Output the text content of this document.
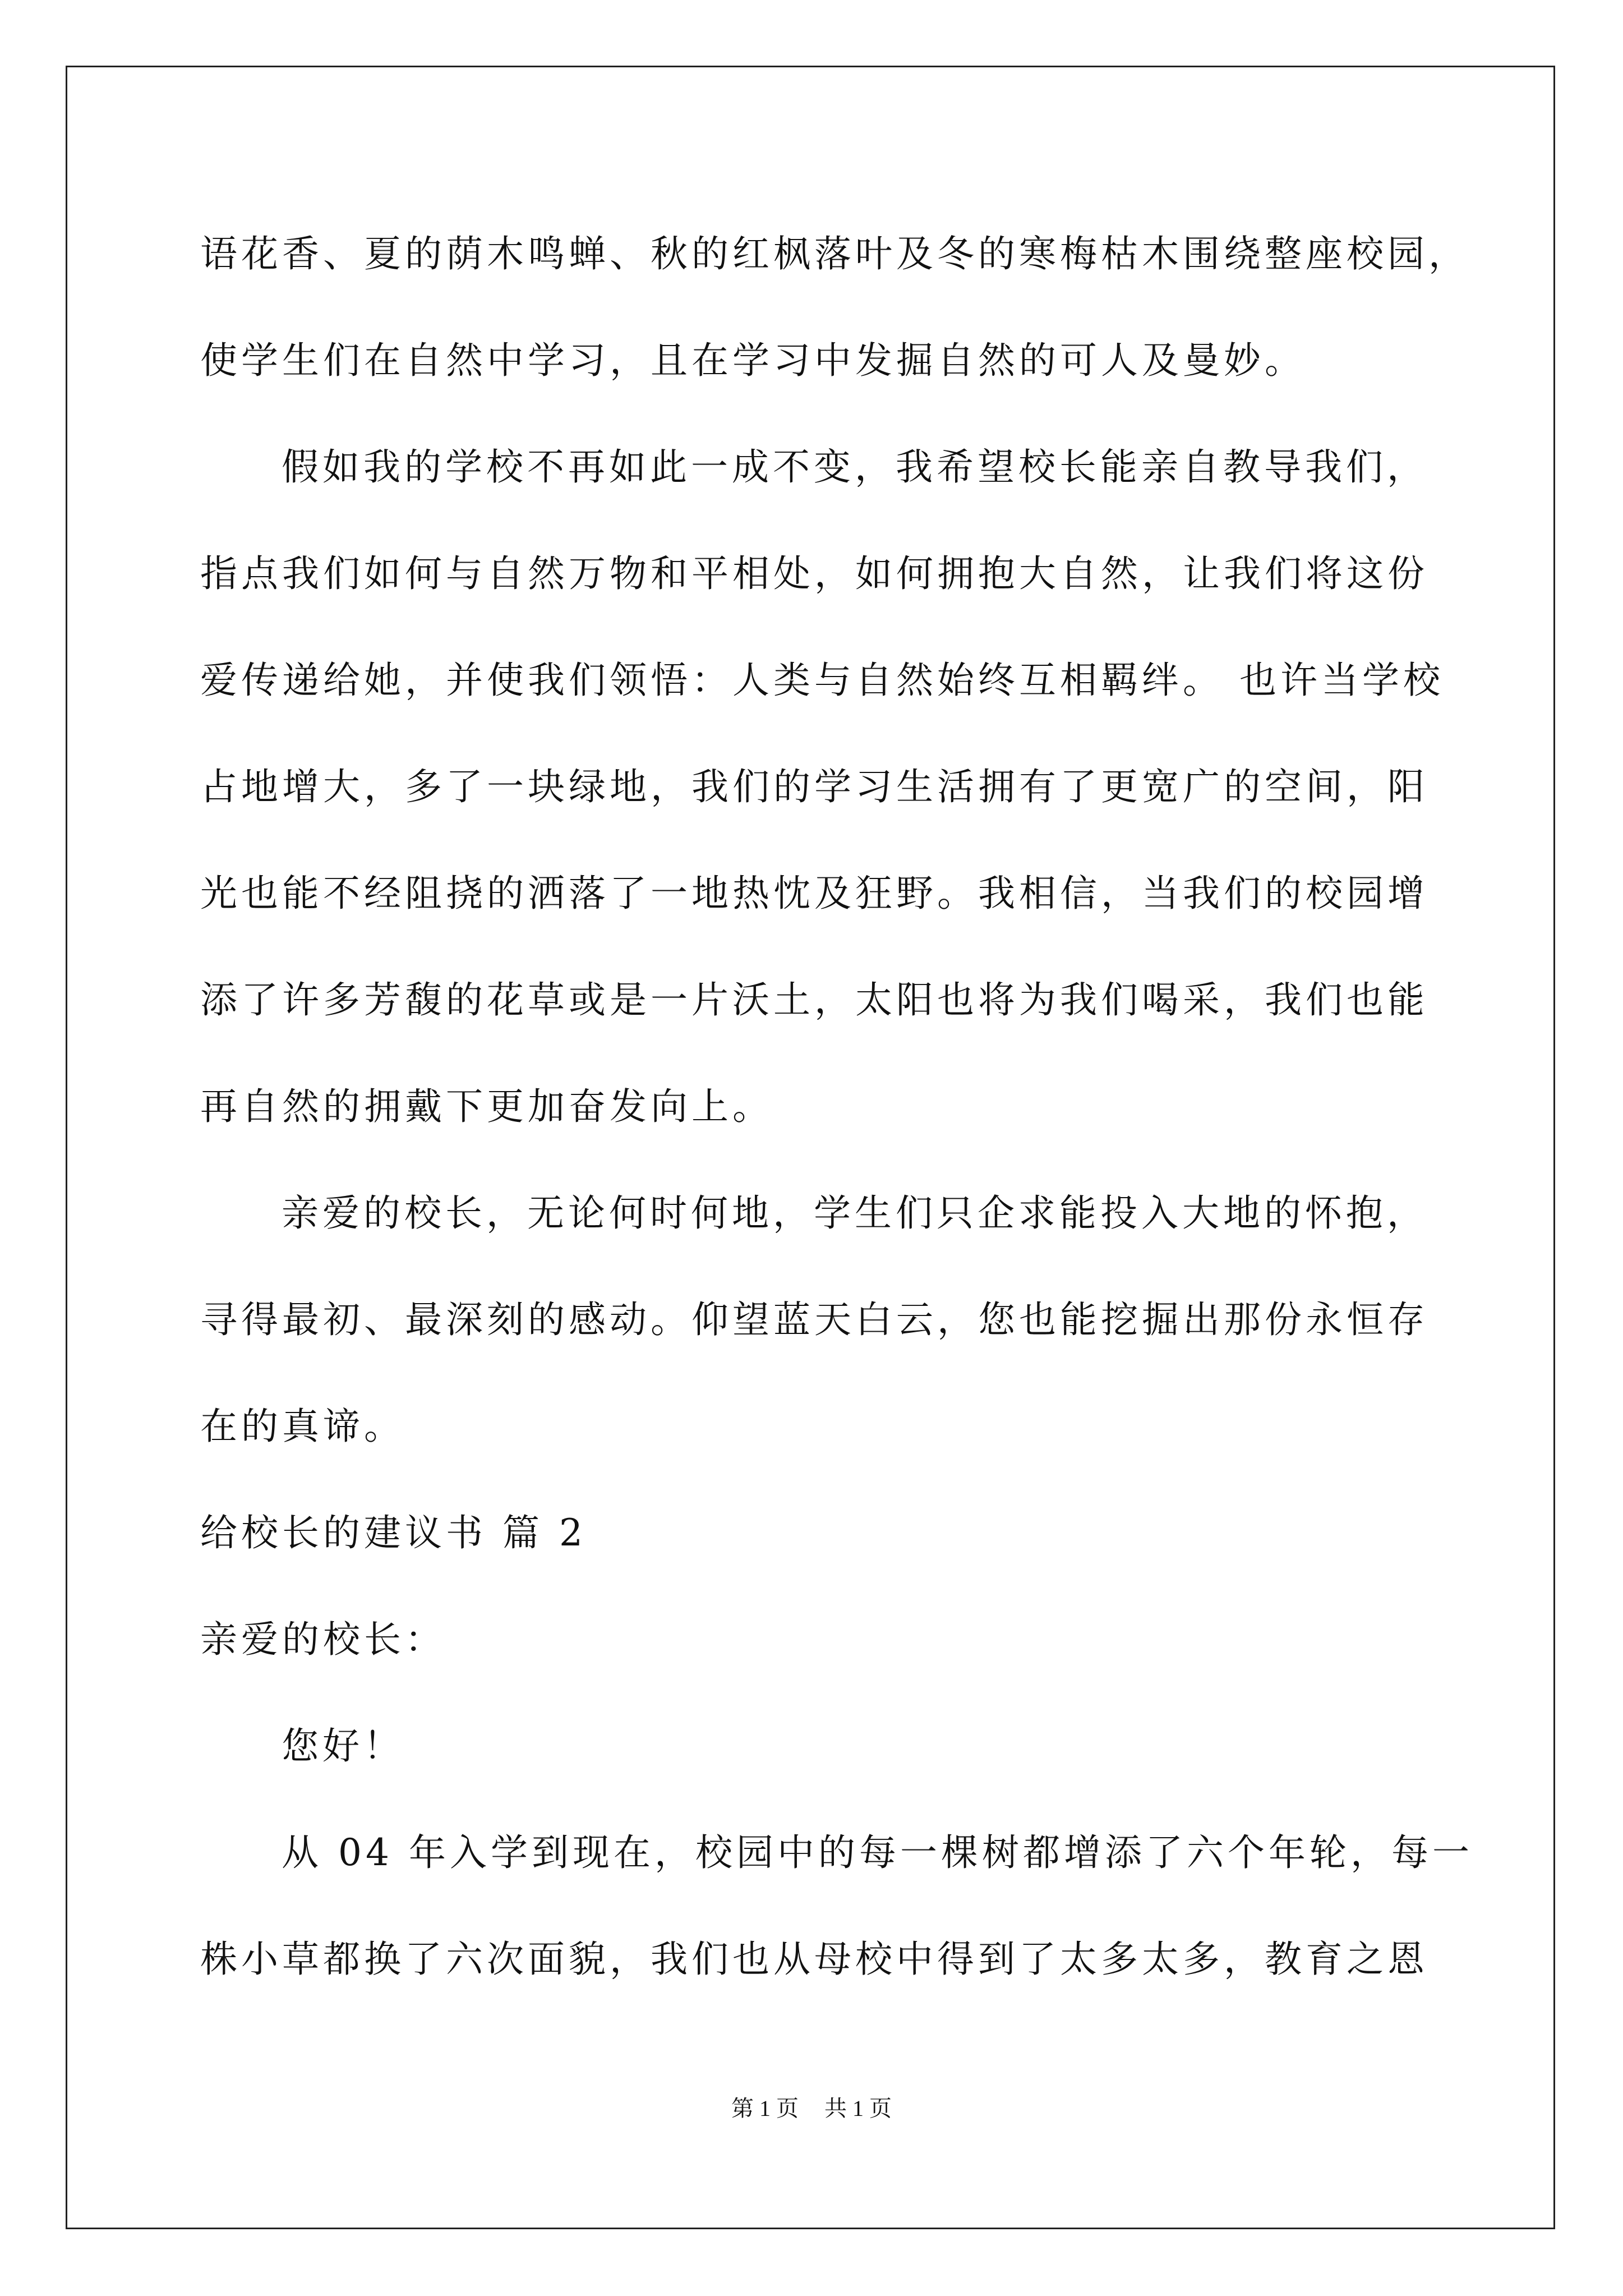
语花香、夏的荫木鸣蝉、秋的红枫落叶及冬的寒梅枯木围绕整座校园，
使学生们在自然中学习，且在学习中发掘自然的可人及曼妙。
假如我的学校不再如此一成不变，我希望校长能亲自教导我们，
指点我们如何与自然万物和平相处，如何拥抱大自然，让我们将这份
爱传递给她，并使我们领悟：人类与自然始终互相羁绊。 也许当学校
占地增大，多了一块绿地，我们的学习生活拥有了更宽广的空间，阳
光也能不经阻挠的洒落了一地热忱及狂野。我相信，当我们的校园增
添了许多芳馥的花草或是一片沃土，太阳也将为我们喝采，我们也能
再自然的拥戴下更加奋发向上。
亲爱的校长，无论何时何地，学生们只企求能投入大地的怀抱，
寻得最初、最深刻的感动。仰望蓝天白云，您也能挖掘出那份永恒存
在的真谛。
给校长的建议书 篇 2
亲爱的校长：
您好！
从 04 年入学到现在，校园中的每一棵树都增添了六个年轮，每一
株小草都换了六次面貌，我们也从母校中得到了太多太多，教育之恩
第 1 页 共 1 页
